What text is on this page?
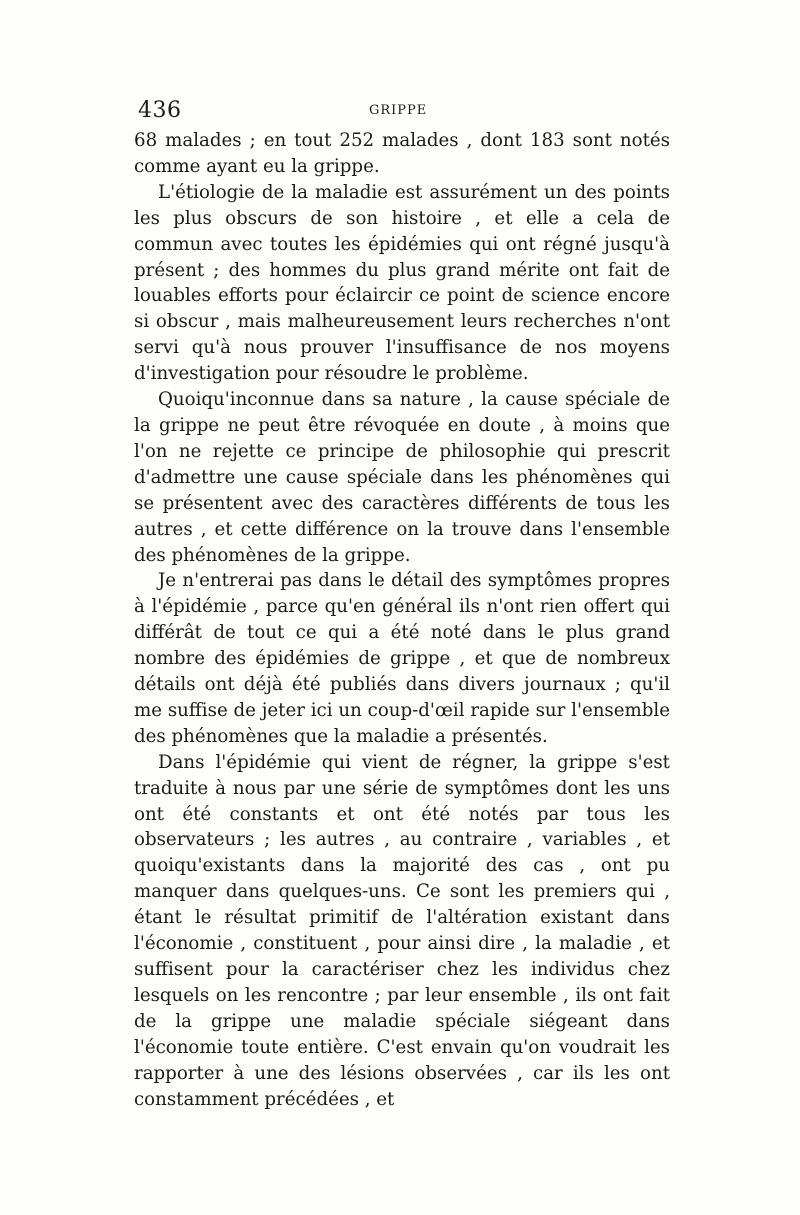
436	GRIPPE

68 malades ; en tout 252 malades , dont 183 sont notés comme ayant eu la grippe.

L'étiologie de la maladie est assurément un des points les plus obscurs de son histoire , et elle a cela de commun avec toutes les épidémies qui ont régné jusqu'à présent ; des hommes du plus grand mérite ont fait de louables efforts pour éclaircir ce point de science encore si obscur , mais malheureusement leurs recherches n'ont servi qu'à nous prouver l'insuffisance de nos moyens d'investigation pour résoudre le problème.

Quoiqu'inconnue dans sa nature , la cause spéciale de la grippe ne peut être révoquée en doute , à moins que l'on ne rejette ce principe de philosophie qui prescrit d'admettre une cause spéciale dans les phénomènes qui se présentent avec des caractères différents de tous les autres , et cette différence on la trouve dans l'ensemble des phénomènes de la grippe.

Je n'entrerai pas dans le détail des symptômes propres à l'épidémie , parce qu'en général ils n'ont rien offert qui différât de tout ce qui a été noté dans le plus grand nombre des épidémies de grippe , et que de nombreux détails ont déjà été publiés dans divers journaux ; qu'il me suffise de jeter ici un coup-d'œil rapide sur l'ensemble des phénomènes que la maladie a présentés.

Dans l'épidémie qui vient de régner, la grippe s'est traduite à nous par une série de symptômes dont les uns ont été constants et ont été notés par tous les observateurs ; les autres , au contraire , variables , et quoiqu'existants dans la majorité des cas , ont pu manquer dans quelques-uns. Ce sont les premiers qui , étant le résultat primitif de l'altération existant dans l'économie , constituent , pour ainsi dire , la maladie , et suffisent pour la caractériser chez les individus chez lesquels on les rencontre ; par leur ensemble , ils ont fait de la grippe une maladie spéciale siégeant dans l'économie toute entière. C'est envain qu'on voudrait les rapporter à une des lésions observées , car ils les ont constamment précédées , et
